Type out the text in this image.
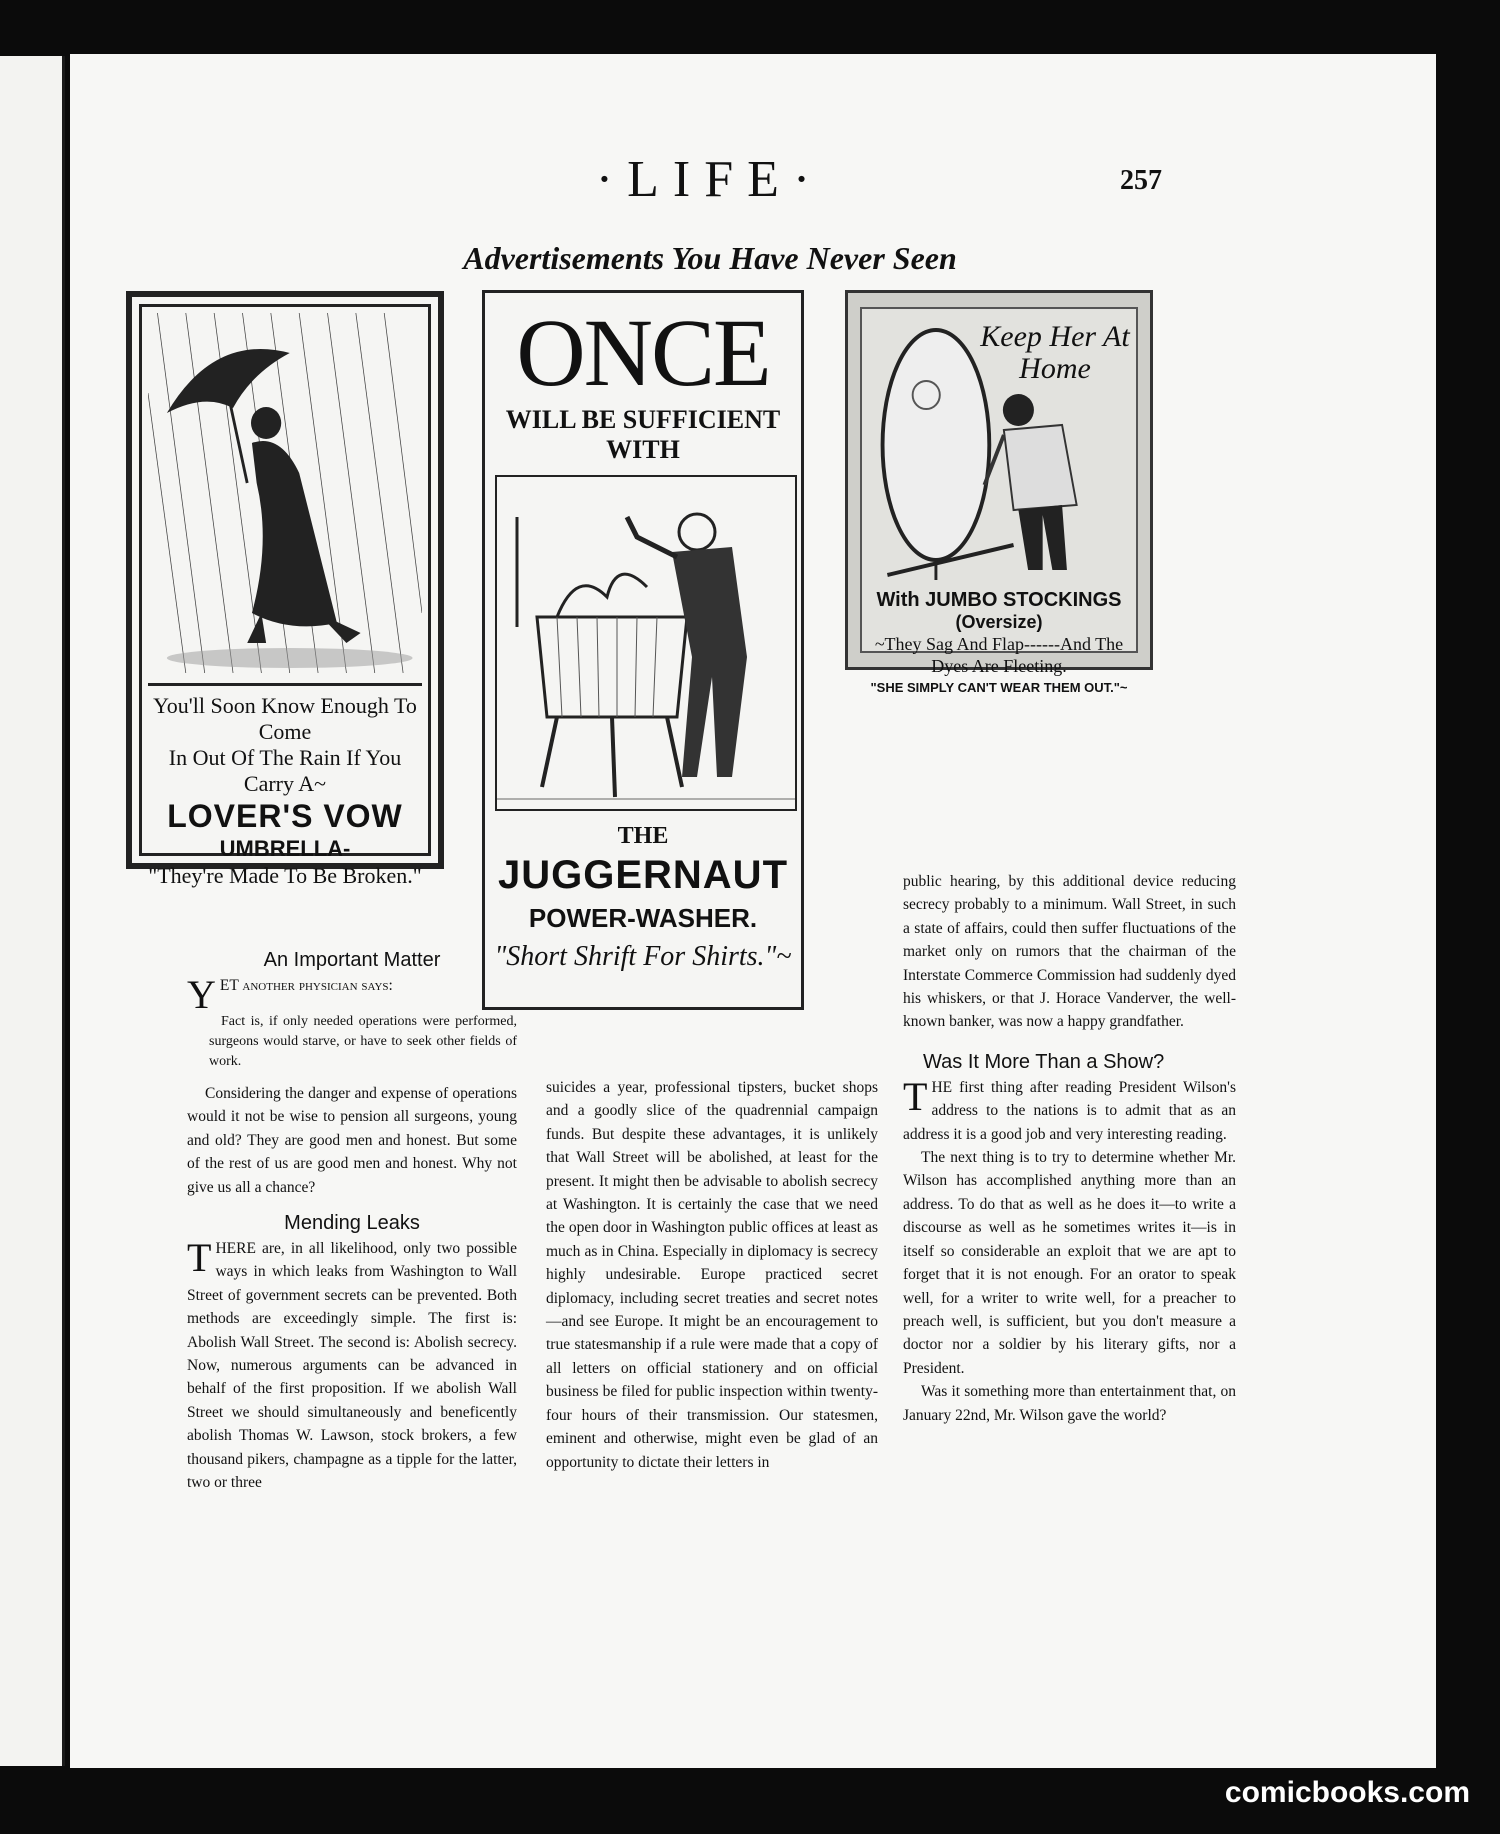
·LIFE·	257
Advertisements You Have Never Seen
You'll Soon Know Enough To Come
In Out Of The Rain If You Carry A~
LOVER'S VOW
UMBRELLA-
"They're Made To Be Broken."
ONCE
WILL BE SUFFICIENT
WITH
THE
JUGGERNAUT
POWER-WASHER.
"Short Shrift For Shirts."~
Keep Her At Home
With JUMBO STOCKINGS
(Oversize)
~They Sag And Flap------And The
Dyes Are Fleeting.
"SHE SIMPLY CAN'T WEAR THEM OUT."~
An Important Matter

YET another physician says:

Fact is, if only needed operations were performed, surgeons would starve, or have to seek other fields of work.

Considering the danger and expense of operations would it not be wise to pension all surgeons, young and old? They are good men and honest. But some of the rest of us are good men and honest. Why not give us all a chance?

Mending Leaks

THERE are, in all likelihood, only two possible ways in which leaks from Washington to Wall Street of government secrets can be prevented. Both methods are exceedingly simple. The first is: Abolish Wall Street. The second is: Abolish secrecy. Now, numerous arguments can be advanced in behalf of the first proposition. If we abolish Wall Street we should simultaneously and beneficently abolish Thomas W. Lawson, stock brokers, a few thousand pikers, champagne as a tipple for the latter, two or three

suicides a year, professional tipsters, bucket shops and a goodly slice of the quadrennial campaign funds. But despite these advantages, it is unlikely that Wall Street will be abolished, at least for the present. It might then be advisable to abolish secrecy at Washington. It is certainly the case that we need the open door in Washington public offices at least as much as in China. Especially in diplomacy is secrecy highly undesirable. Europe practiced secret diplomacy, including secret treaties and secret notes—and see Europe. It might be an encouragement to true statesmanship if a rule were made that a copy of all letters on official stationery and on official business be filed for public inspection within twenty-four hours of their transmission. Our statesmen, eminent and otherwise, might even be glad of an opportunity to dictate their letters in

public hearing, by this additional device reducing secrecy probably to a minimum. Wall Street, in such a state of affairs, could then suffer fluctuations of the market only on rumors that the chairman of the Interstate Commerce Commission had suddenly dyed his whiskers, or that J. Horace Vanderver, the well-known banker, was now a happy grandfather.

Was It More Than a Show?

THE first thing after reading President Wilson's address to the nations is to admit that as an address it is a good job and very interesting reading.

The next thing is to try to determine whether Mr. Wilson has accomplished anything more than an address. To do that as well as he does it—to write a discourse as well as he sometimes writes it—is in itself so considerable an exploit that we are apt to forget that it is not enough. For an orator to speak well, for a writer to write well, for a preacher to preach well, is sufficient, but you don't measure a doctor nor a soldier by his literary gifts, nor a President.

Was it something more than entertainment that, on January 22nd, Mr. Wilson gave the world?

comicbooks.com
